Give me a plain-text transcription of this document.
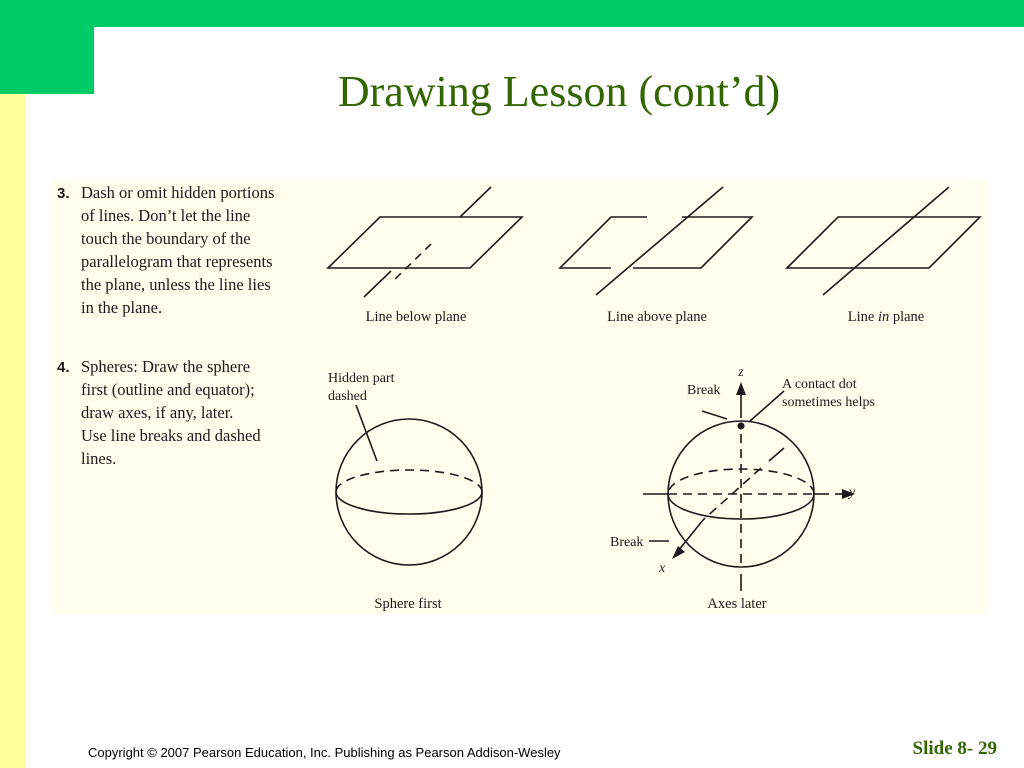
Drawing Lesson (cont’d)
3. Dash or omit hidden portions
of lines. Don’t let the line
touch the boundary of the
parallelogram that represents
the plane, unless the line lies
in the plane.	Line below plane	Line above plane	Line in plane
4. Spheres: Draw the sphere
first (outline and equator);
draw axes, if any, later.
Use line breaks and dashed
lines.
Hidden part
dashed
Sphere first
z
y
x
Break
Break
A contact dot
sometimes helps
Axes later
Copyright © 2007 Pearson Education, Inc. Publishing as Pearson Addison-Wesley	Slide 8- 29
